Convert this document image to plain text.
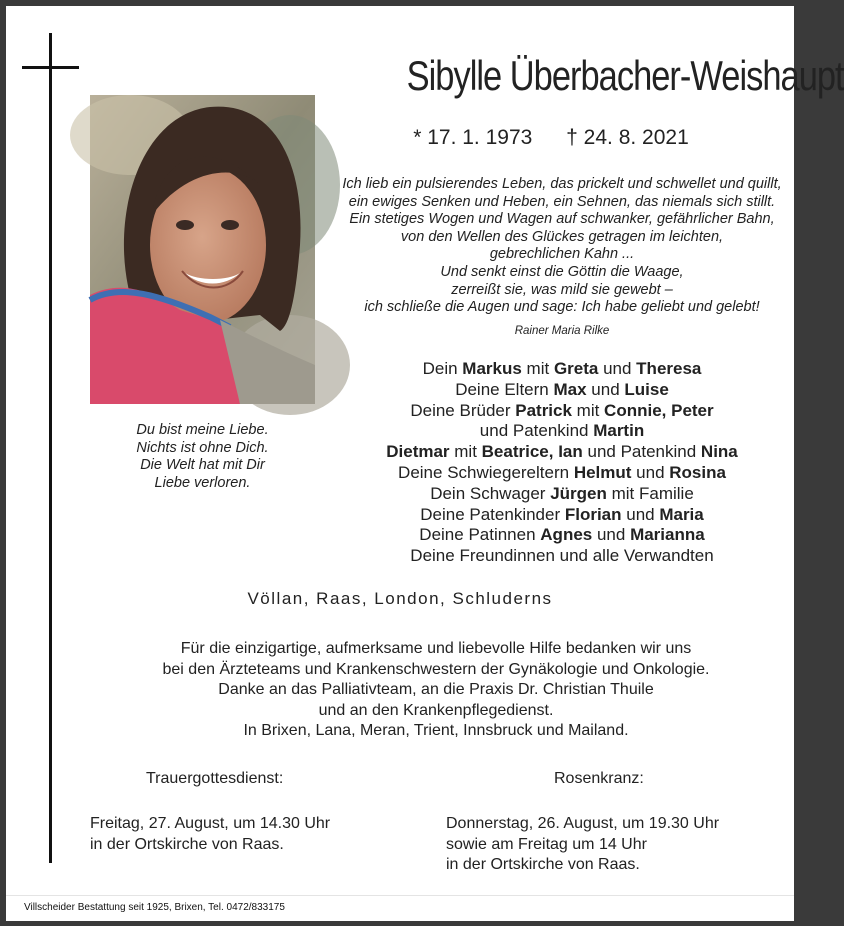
Sibylle Überbacher-Weishaupt
* 17. 1. 1973 † 24. 8. 2021
Du bist meine Liebe.
Nichts ist ohne Dich.
Die Welt hat mit Dir
Liebe verloren.
Ich lieb ein pulsierendes Leben, das prickelt und schwellet und quillt,
ein ewiges Senken und Heben, ein Sehnen, das niemals sich stillt.
Ein stetiges Wogen und Wagen auf schwanker, gefährlicher Bahn,
von den Wellen des Glückes getragen im leichten,
gebrechlichen Kahn ...
Und senkt einst die Göttin die Waage,
zerreißt sie, was mild sie gewebt –
ich schließe die Augen und sage: Ich habe geliebt und gelebt!
Rainer Maria Rilke
Dein Markus mit Greta und Theresa
Deine Eltern Max und Luise
Deine Brüder Patrick mit Connie, Peter
und Patenkind Martin
Dietmar mit Beatrice, Ian und Patenkind Nina
Deine Schwiegereltern Helmut und Rosina
Dein Schwager Jürgen mit Familie
Deine Patenkinder Florian und Maria
Deine Patinnen Agnes und Marianna
Deine Freundinnen und alle Verwandten
Völlan, Raas, London, Schluderns
Für die einzigartige, aufmerksame und liebevolle Hilfe bedanken wir uns
bei den Ärzteteams und Krankenschwestern der Gynäkologie und Onkologie.
Danke an das Palliativteam, an die Praxis Dr. Christian Thuile
und an den Krankenpflegedienst.
In Brixen, Lana, Meran, Trient, Innsbruck und Mailand.
Trauergottesdienst:	Rosenkranz:
Freitag, 27. August, um 14.30 Uhr
in der Ortskirche von Raas.
Donnerstag, 26. August, um 19.30 Uhr
sowie am Freitag um 14 Uhr
in der Ortskirche von Raas.
Villscheider Bestattung seit 1925, Brixen, Tel. 0472/833175
